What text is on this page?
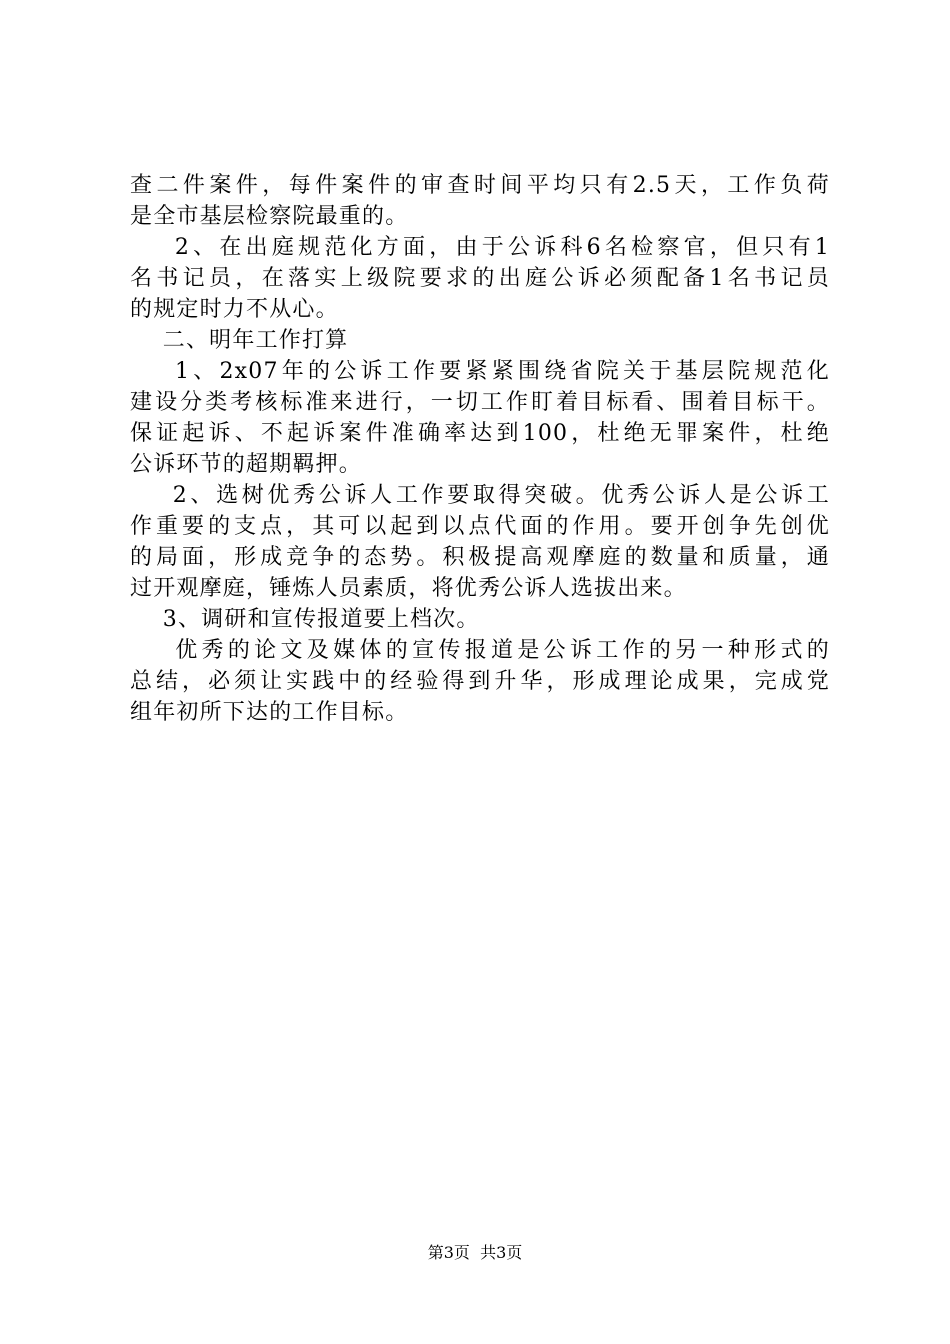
查二件案件，每件案件的审查时间平均只有2.5天，工作负荷
是全市基层检察院最重的。
2、在出庭规范化方面，由于公诉科6名检察官，但只有1
名书记员，在落实上级院要求的出庭公诉必须配备1名书记员
的规定时力不从心。
二、明年工作打算
1、2x07年的公诉工作要紧紧围绕省院关于基层院规范化
建设分类考核标准来进行，一切工作盯着目标看、围着目标干。
保证起诉、不起诉案件准确率达到100，杜绝无罪案件，杜绝
公诉环节的超期羁押。
2、选树优秀公诉人工作要取得突破。优秀公诉人是公诉工
作重要的支点，其可以起到以点代面的作用。要开创争先创优
的局面，形成竞争的态势。积极提高观摩庭的数量和质量，通
过开观摩庭，锤炼人员素质，将优秀公诉人选拔出来。
3、调研和宣传报道要上档次。
优秀的论文及媒体的宣传报道是公诉工作的另一种形式的
总结，必须让实践中的经验得到升华，形成理论成果，完成党
组年初所下达的工作目标。
第3页  共3页
